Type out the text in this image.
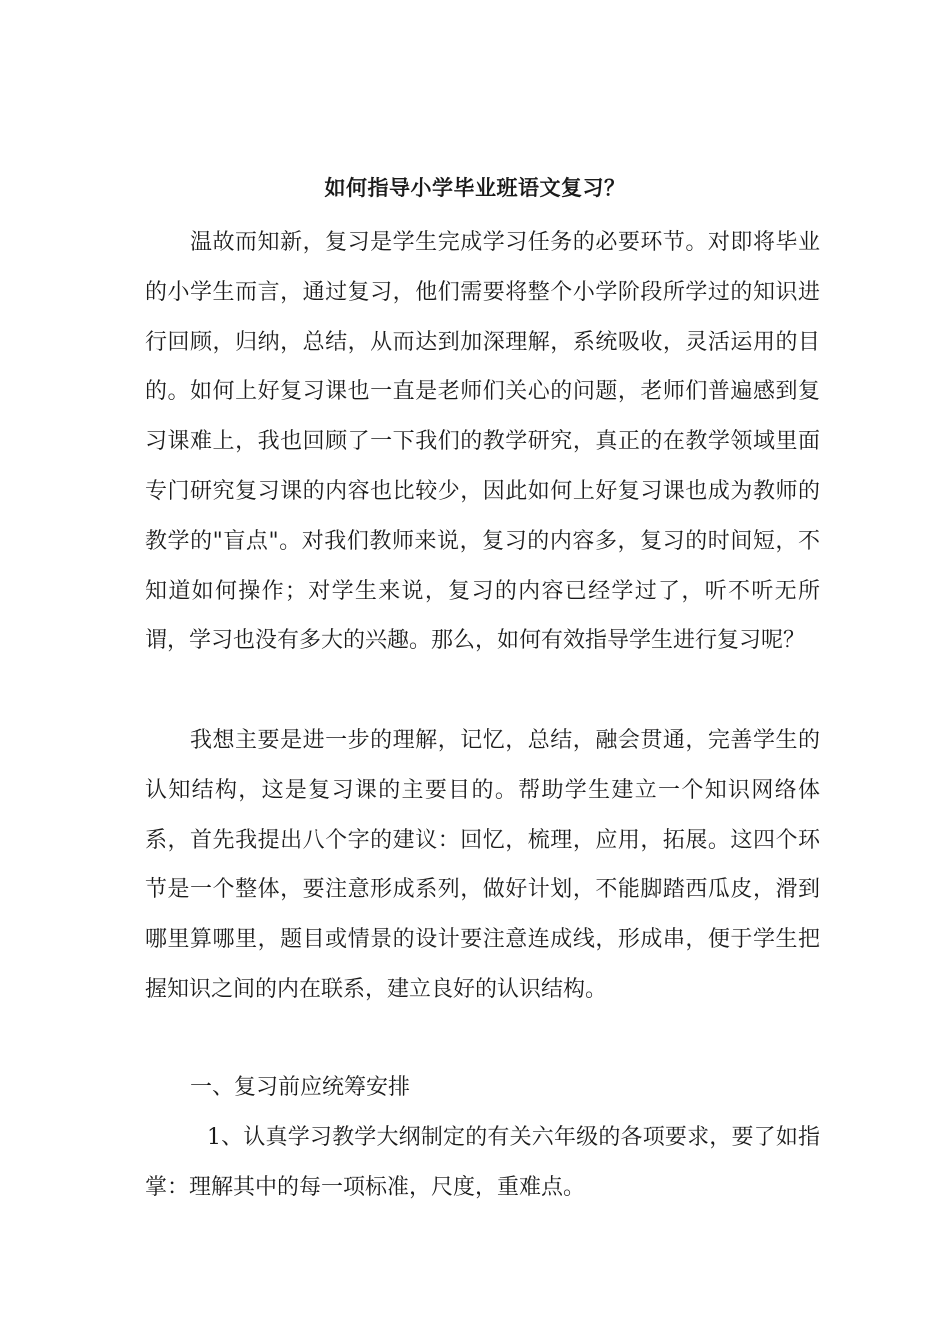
如何指导小学毕业班语文复习？

温故而知新，复习是学生完成学习任务的必要环节。对即将毕业的小学生而言，通过复习，他们需要将整个小学阶段所学过的知识进行回顾，归纳，总结，从而达到加深理解，系统吸收，灵活运用的目的。如何上好复习课也一直是老师们关心的问题，老师们普遍感到复习课难上，我也回顾了一下我们的教学研究，真正的在教学领域里面专门研究复习课的内容也比较少，因此如何上好复习课也成为教师的教学的"盲点"。对我们教师来说，复习的内容多，复习的时间短，不知道如何操作；对学生来说，复习的内容已经学过了，听不听无所谓，学习也没有多大的兴趣。那么，如何有效指导学生进行复习呢？

我想主要是进一步的理解，记忆，总结，融会贯通，完善学生的认知结构，这是复习课的主要目的。帮助学生建立一个知识网络体系，首先我提出八个字的建议：回忆，梳理，应用，拓展。这四个环节是一个整体，要注意形成系列，做好计划，不能脚踏西瓜皮，滑到哪里算哪里，题目或情景的设计要注意连成线，形成串，便于学生把握知识之间的内在联系，建立良好的认识结构。

一、复习前应统筹安排

1、认真学习教学大纲制定的有关六年级的各项要求，要了如指掌：理解其中的每一项标准，尺度，重难点。
